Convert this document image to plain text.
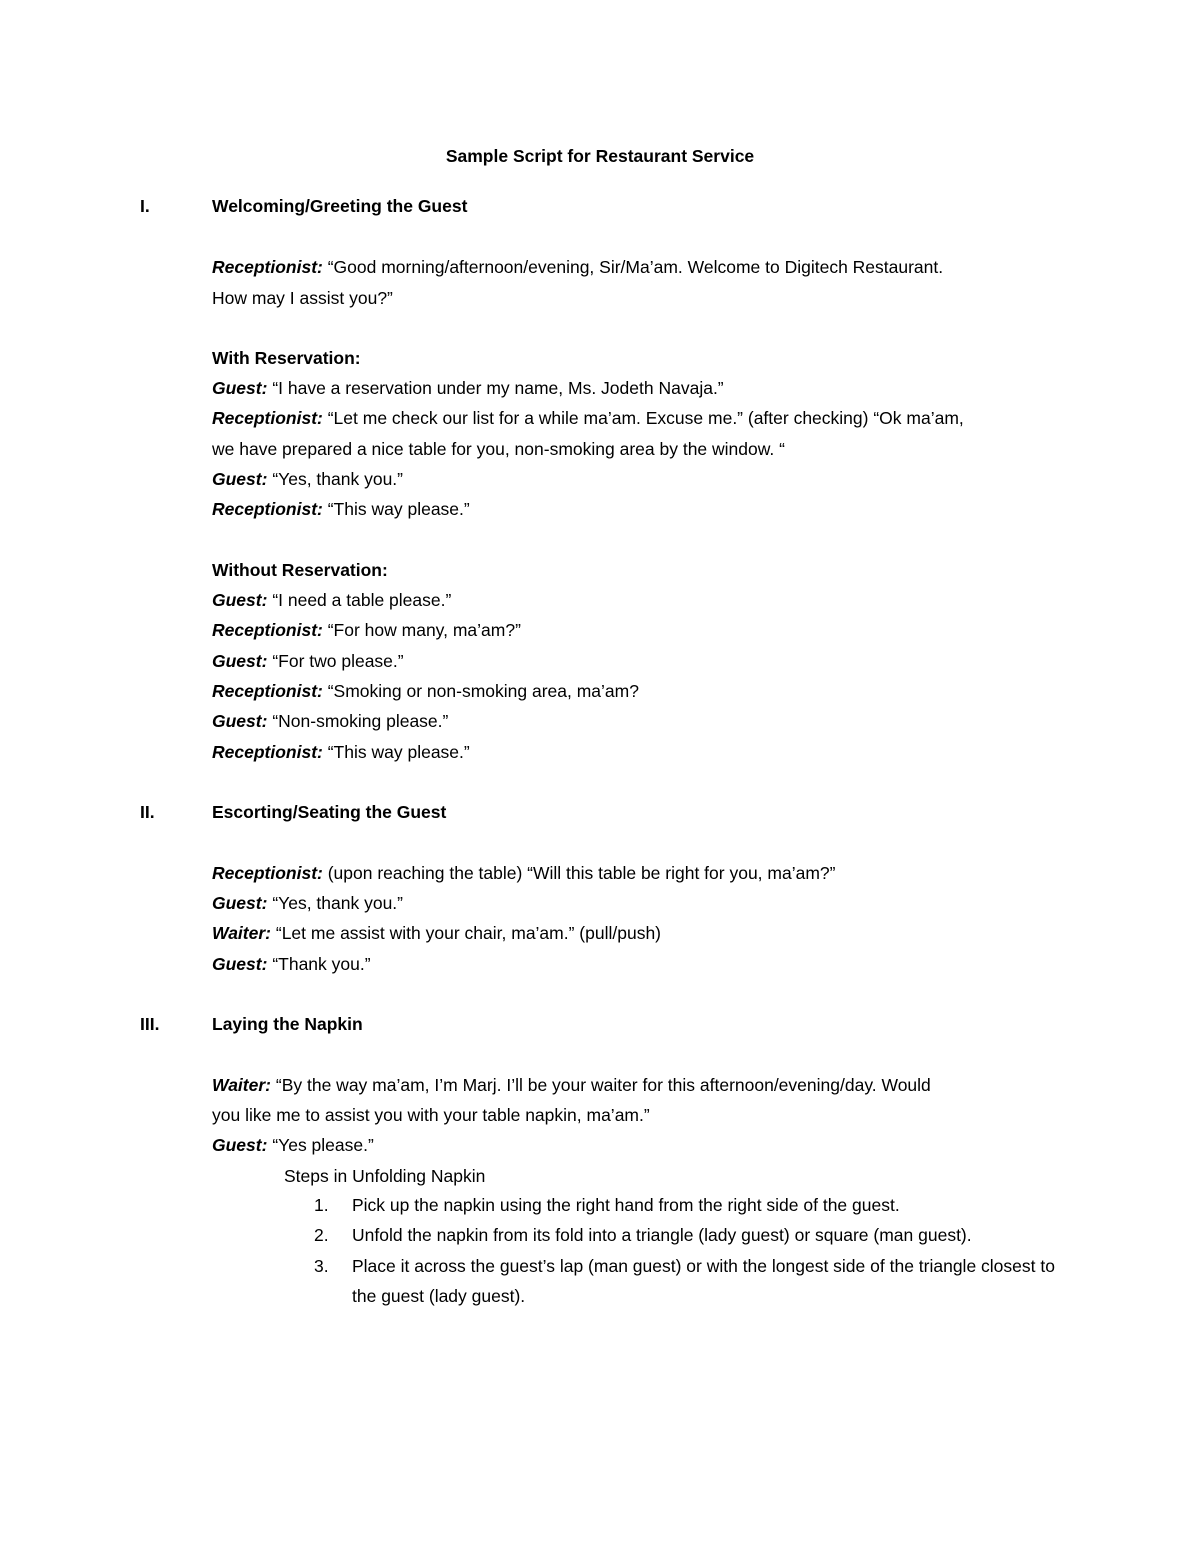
Sample Script for Restaurant Service
I.	Welcoming/Greeting the Guest
Receptionist: “Good morning/afternoon/evening, Sir/Ma’am. Welcome to Digitech Restaurant.
How may I assist you?”
With Reservation:
Guest: “I have a reservation under my name, Ms. Jodeth Navaja.”
Receptionist: “Let me check our list for a while ma’am. Excuse me.” (after checking) “Ok ma’am,
we have prepared a nice table for you, non-smoking area by the window. “
Guest: “Yes, thank you.”
Receptionist: “This way please.”
Without Reservation:
Guest: “I need a table please.”
Receptionist: “For how many, ma’am?”
Guest: “For two please.”
Receptionist: “Smoking or non-smoking area, ma’am?
Guest: “Non-smoking please.”
Receptionist: “This way please.”
II.	Escorting/Seating the Guest
Receptionist: (upon reaching the table) “Will this table be right for you, ma’am?”
Guest: “Yes, thank you.”
Waiter: “Let me assist with your chair, ma’am.” (pull/push)
Guest: “Thank you.”
III.	Laying the Napkin
Waiter: “By the way ma’am, I’m Marj. I’ll be your waiter for this afternoon/evening/day. Would
you like me to assist you with your table napkin, ma’am.”
Guest: “Yes please.”
Steps in Unfolding Napkin
1. Pick up the napkin using the right hand from the right side of the guest.
2. Unfold the napkin from its fold into a triangle (lady guest) or square (man guest).
3. Place it across the guest’s lap (man guest) or with the longest side of the triangle closest to the guest (lady guest).
